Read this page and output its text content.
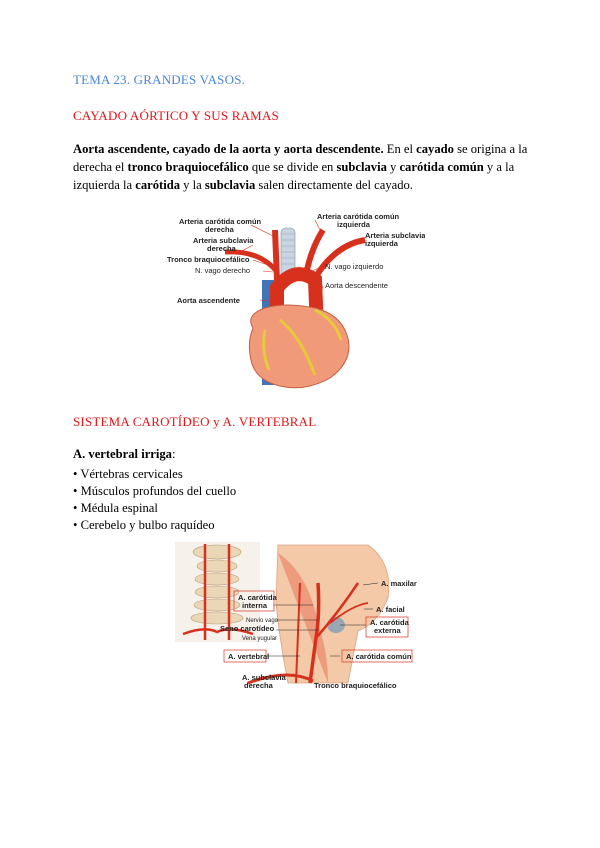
TEMA 23. GRANDES VASOS.
CAYADO AÓRTICO Y SUS RAMAS
Aorta ascendente, cayado de la aorta y aorta descendente. En el cayado se origina a la derecha el tronco braquiocefálico que se divide en subclavia y carótida común y a la izquierda la carótida y la subclavia salen directamente del cayado.
Arteria carótida común
derecha
Arteria subclavia
derecha
Tronco braquiocefálico
N. vago derecho
Aorta ascendente
Arteria carótida común
izquierda
Arteria subclavia
izquierda
N. vago izquierdo
Aorta descendente
SISTEMA CAROTÍDEO y A. VERTEBRAL
A. vertebral irriga:
• Vértebras cervicales
• Músculos profundos del cuello
• Médula espinal
• Cerebelo y bulbo raquídeo
A. maxilar
A. carótida
interna	A. facial
Nervio vago
Seno carotídeo
Vena yugular
A. carótida
externa
A. vertebral	A. carótida común
A. subclavia
derecha	Tronco braquiocefálico
